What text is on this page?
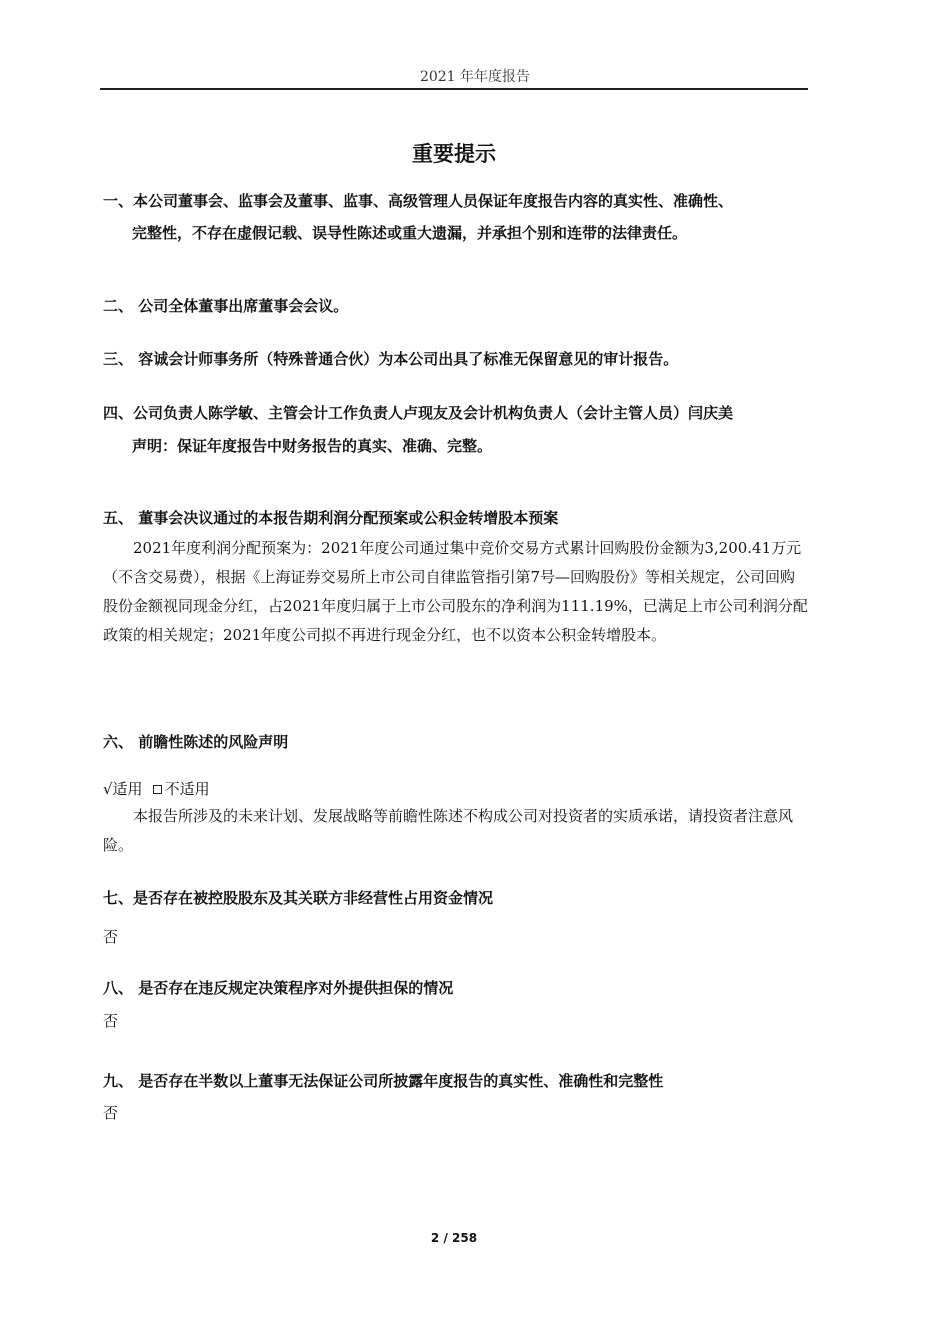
2021 年年度报告
重要提示
一、本公司董事会、监事会及董事、监事、高级管理人员保证年度报告内容的真实性、准确性、
完整性，不存在虚假记载、误导性陈述或重大遗漏，并承担个别和连带的法律责任。
二、 公司全体董事出席董事会会议。
三、 容诚会计师事务所（特殊普通合伙）为本公司出具了标准无保留意见的审计报告。
四、公司负责人陈学敏、主管会计工作负责人卢现友及会计机构负责人（会计主管人员）闫庆美
声明：保证年度报告中财务报告的真实、准确、完整。
五、 董事会决议通过的本报告期利润分配预案或公积金转增股本预案
2021年度利润分配预案为：2021年度公司通过集中竞价交易方式累计回购股份金额为3,200.41万元（不含交易费），根据《上海证券交易所上市公司自律监管指引第7号—回购股份》等相关规定，公司回购股份金额视同现金分红，占2021年度归属于上市公司股东的净利润为111.19%，已满足上市公司利润分配政策的相关规定；2021年度公司拟不再进行现金分红，也不以资本公积金转增股本。
六、 前瞻性陈述的风险声明
√适用 不适用
本报告所涉及的未来计划、发展战略等前瞻性陈述不构成公司对投资者的实质承诺，请投资者注意风险。
七、是否存在被控股股东及其关联方非经营性占用资金情况
否
八、 是否存在违反规定决策程序对外提供担保的情况
否
九、 是否存在半数以上董事无法保证公司所披露年度报告的真实性、准确性和完整性
否
2 / 258
